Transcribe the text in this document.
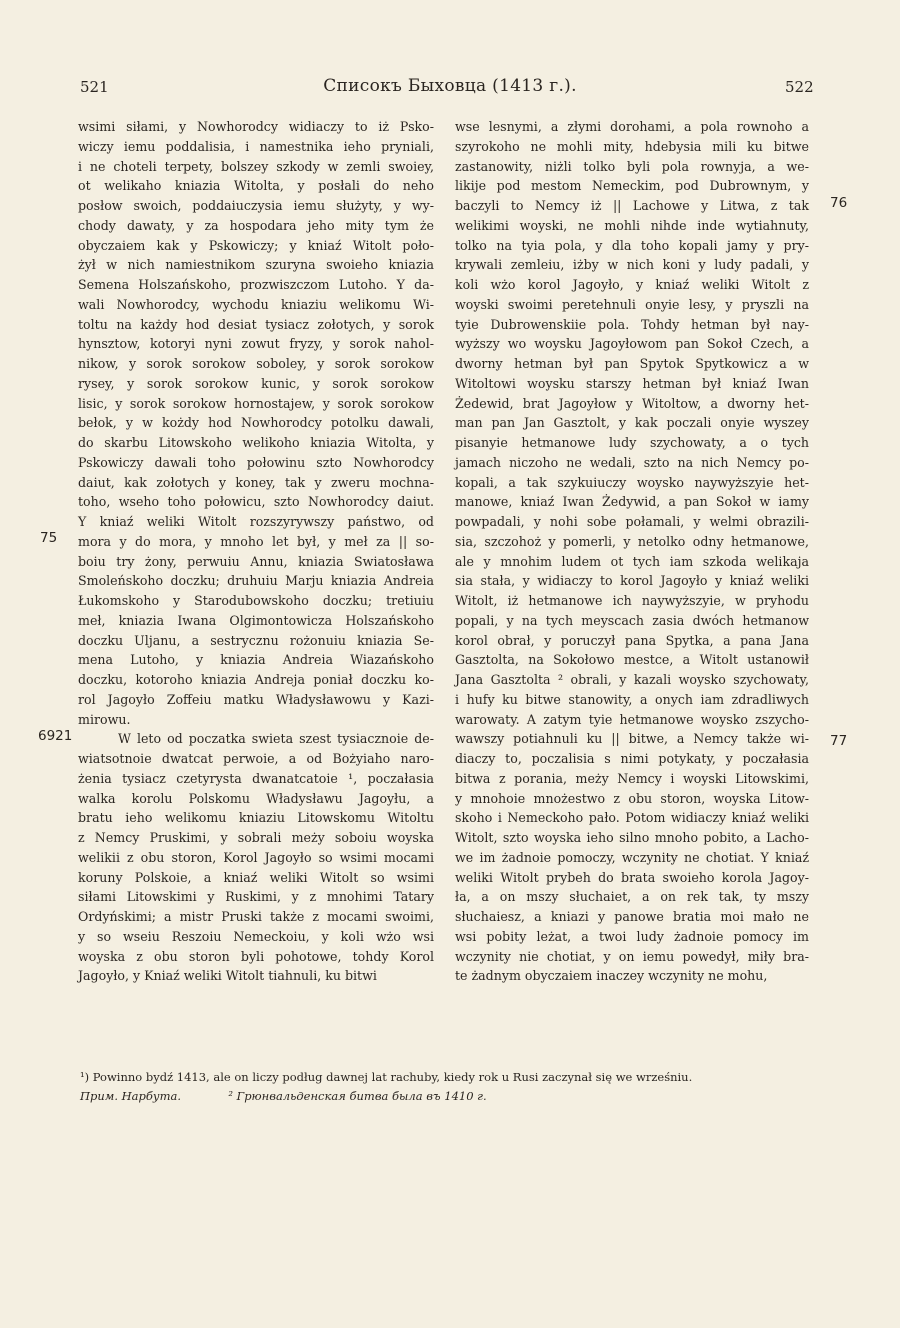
521	Списокъ Быховца (1413 г.).	522
wsimi siłami, y Nowhorodcy widiaczy to iż Psko-
wiczy iemu poddalisia, i namestnika ieho pryniali,
i ne choteli terpety, bolszey szkody w zemli swoiey,
ot welikaho kniazia Witolta, y posłali do neho
posłow swoich, poddaiuczysia iemu służyty, y wy-
chody dawaty, y za hospodara jeho mity tym że
obyczaiem kak y Pskowiczy; y kniaź Witolt poło-
żył w nich namiestnikom szuryna swoieho kniazia
Semena Holszańskoho, prozwiszczom Lutoho. Y da-
wali Nowhorodcy, wychodu kniaziu welikomu Wi-
toltu na każdy hod desiat tysiacz zołotych, y sorok
hynsztow, kotoryi nyni zowut fryzy, y sorok nahol-
nikow, y sorok sorokow soboley, y sorok sorokow
rysey, y sorok sorokow kunic, y sorok sorokow
lisic, y sorok sorokow hornostajew, y sorok sorokow
bełok, y w kożdy hod Nowhorodcy potolku dawali,
do skarbu Litowskoho welikoho kniazia Witolta, y
Pskowiczy dawali toho połowinu szto Nowhorodcy
daiut, kak zołotych y koney, tak y zweru mochna-
toho, wseho toho połowicu, szto Nowhorodcy daiut.
Y kniaź weliki Witolt rozszyrywszy państwo, od
mora y do mora, y mnoho let był, y meł za || so-
boiu try żony, perwuiu Annu, kniazia Swiatosława
Smoleńskoho doczku; druhuiu Marju kniazia Andreia
Łukomskoho y Starodubowskoho doczku; tretiuiu
meł, kniazia Iwana Olgimontowicza Holszańskoho
doczku Uljanu, a sestrycznu rożonuiu kniazia Se-
mena Lutoho, y kniazia Andreia Wiazańskoho
doczku, kotoroho kniazia Andreja poniał doczku ko-
rol Jagoyło Zoffeiu matku Władysławowu y Kazi-
mirowu.
W leto od poczatka swieta szest tysiacznoie de-
wiatsotnoie dwatcat perwoie, a od Bożyiaho naro-
żenia tysiacz czetyrysta dwanatcatoie ¹, poczałasia
walka korolu Polskomu Władysławu Jagoyłu, a
bratu ieho welikomu kniaziu Litowskomu Witoltu
z Nemcy Pruskimi, y sobrali meży soboiu woyska
welikii z obu storon, Korol Jagoyło so wsimi mocami
koruny Polskoie, a kniaź weliki Witolt so wsimi
siłami Litowskimi y Ruskimi, y z mnohimi Tatary
Ordyńskimi; a mistr Pruski także z mocami swoimi,
y so wseiu Reszoiu Nemeckoiu, y koli wżo wsi
woyska z obu storon byli pohotowe, tohdy Korol
Jagoyło, y Kniaź weliki Witolt tiahnuli, ku bitwi
wse lesnymi, a złymi dorohami, a pola rownoho a
szyrokoho ne mohli mity, hdebysia mili ku bitwe
zastanowity, niżli tolko byli pola rownyja, a we-
likije pod mestom Nemeckim, pod Dubrownym, y
baczyli to Nemcy iż || Lachowe y Litwa, z tak
welikimi woyski, ne mohli nihde inde wytiahnuty,
tolko na tyia pola, y dla toho kopali jamy y pry-
krywali zemleiu, iżby w nich koni y ludy padali, y
koli wżo korol Jagoyło, y kniaź weliki Witolt z
woyski swoimi peretehnuli onyie lesy, y pryszli na
tyie Dubrowenskiie pola. Tohdy hetman był nay-
wyższy wo woysku Jagoyłowom pan Sokoł Czech, a
dworny hetman był pan Spytok Spytkowicz a w
Witoltowi woysku starszy hetman był kniaź Iwan
Żedewid, brat Jagoyłow y Witoltow, a dworny het-
man pan Jan Gasztolt, y kak poczali onyie wyszey
pisanyie hetmanowe ludy szychowaty, a o tych
jamach niczoho ne wedali, szto na nich Nemcy po-
kopali, a tak szykuiuczy woysko naywyższyie het-
manowe, kniaź Iwan Żedywid, a pan Sokoł w iamy
powpadali, y nohi sobe połamali, y welmi obrazili-
sia, szczohoż y pomerli, y netolko odny hetmanowe,
ale y mnohim ludem ot tych iam szkoda welikaja
sia stała, y widiaczy to korol Jagoyło y kniaź weliki
Witolt, iż hetmanowe ich naywyższyie, w pryhodu
popali, y na tych meyscach zasia dwóch hetmanow
korol obrał, y poruczył pana Spytka, a pana Jana
Gasztolta, na Sokołowo mestce, a Witolt ustanowił
Jana Gasztolta ² obrali, y kazali woysko szychowaty,
i hufy ku bitwe stanowity, a onych iam zdradliwych
warowaty. A zatym tyie hetmanowe woysko zszycho-
wawszy potiahnuli ku || bitwe, a Nemcy także wi-
diaczy to, poczalisia s nimi potykaty, y poczałasia
bitwa z porania, meży Nemcy i woyski Litowskimi,
y mnohoie mnożestwo z obu storon, woyska Litow-
skoho i Nemeckoho pało. Potom widiaczy kniaź weliki
Witolt, szto woyska ieho silno mnoho pobito, a Lacho-
we im żadnoie pomoczy, wczynity ne chotiat. Y kniaź
weliki Witolt prybeh do brata swoieho korola Jagoy-
ła, a on mszy słuchaiet, a on rek tak, ty mszy
słuchaiesz, a kniazi y panowe bratia moi mało ne
wsi pobity leżat, a twoi ludy żadnoie pomocy im
wczynity nie chotiat, y on iemu powedył, miły bra-
te żadnym obyczaiem inaczey wczynity ne mohu,
75
6921
76
77
¹) Powinno bydź 1413, ale on liczy podług dawnej lat rachuby, kiedy rok u Rusi zaczynał się we wrześniu.
Прим. Нарбута.	² Грюнвальденская битва была въ 1410 г.
